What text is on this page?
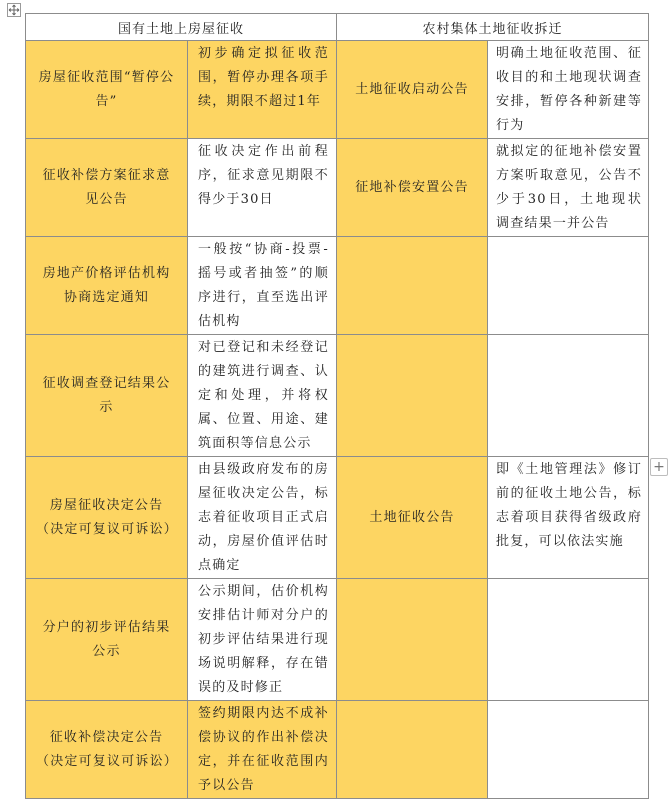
国有土地上房屋征收		农村集体土地征收拆迁	
房屋征收范围“暂停公告”	初步确定拟征收范围，暂停办理各项手续，期限不超过1年	土地征收启动公告	明确土地征收范围、征收目的和土地现状调查安排，暂停各种新建等行为
征收补偿方案征求意见公告	征收决定作出前程序，征求意见期限不得少于30日	征地补偿安置公告	就拟定的征地补偿安置方案听取意见，公告不少于30日，土地现状调查结果一并公告
房地产价格评估机构协商选定通知	一般按“协商-投票-摇号或者抽签”的顺序进行，直至选出评估机构		
征收调查登记结果公示	对已登记和未经登记的建筑进行调查、认定和处理，并将权属、位置、用途、建筑面积等信息公示		
房屋征收决定公告（决定可复议可诉讼）	由县级政府发布的房屋征收决定公告，标志着征收项目正式启动，房屋价值评估时点确定	土地征收公告	即《土地管理法》修订前的征收土地公告，标志着项目获得省级政府批复，可以依法实施
分户的初步评估结果公示	公示期间，估价机构安排估计师对分户的初步评估结果进行现场说明解释，存在错误的及时修正		
征收补偿决定公告（决定可复议可诉讼）	签约期限内达不成补偿协议的作出补偿决定，并在征收范围内予以公告		
+
